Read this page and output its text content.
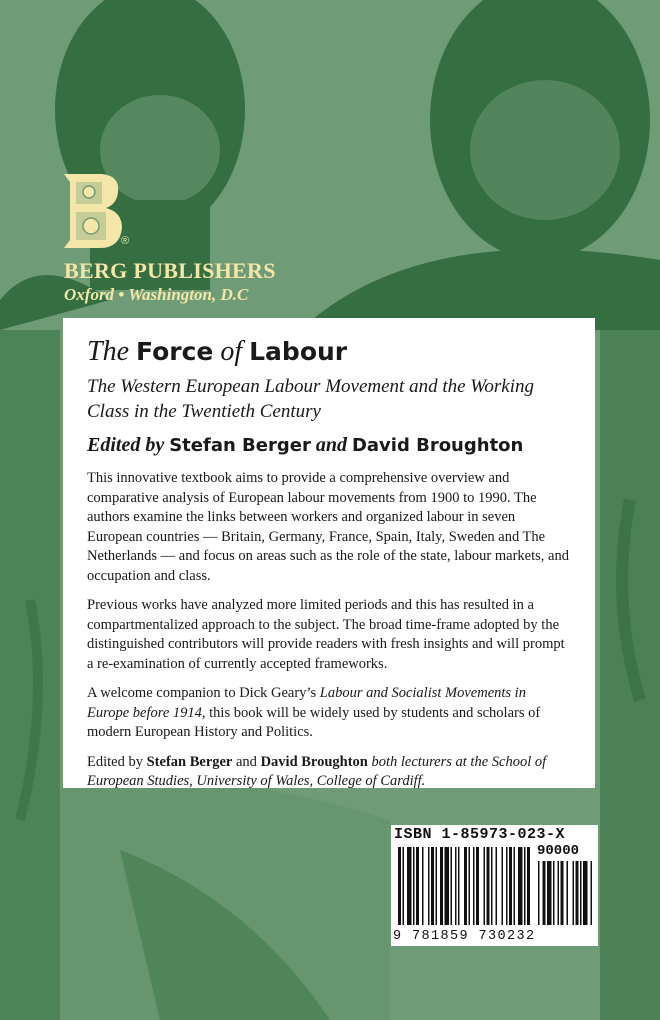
®
BERG PUBLISHERS
Oxford • Washington, D.C
The Force of Labour
The Western European Labour Movement and the Working Class in the Twentieth Century
Edited by Stefan Berger and David Broughton

This innovative textbook aims to provide a comprehensive overview and comparative analysis of European labour movements from 1900 to 1990. The authors examine the links between workers and organized labour in seven European countries — Britain, Germany, France, Spain, Italy, Sweden and The Netherlands — and focus on areas such as the role of the state, labour markets, and occupation and class.

Previous works have analyzed more limited periods and this has resulted in a compartmentalized approach to the subject. The broad time-frame adopted by the distinguished contributors will provide readers with fresh insights and will prompt a re-examination of currently accepted frameworks.

A welcome companion to Dick Geary’s Labour and Socialist Movements in Europe before 1914, this book will be widely used by students and scholars of modern European History and Politics.

Edited by Stefan Berger and David Broughton both lecturers at the School of European Studies, University of Wales, College of Cardiff.

ISBN 1-85973-023-X
90000
9 781859 730232
